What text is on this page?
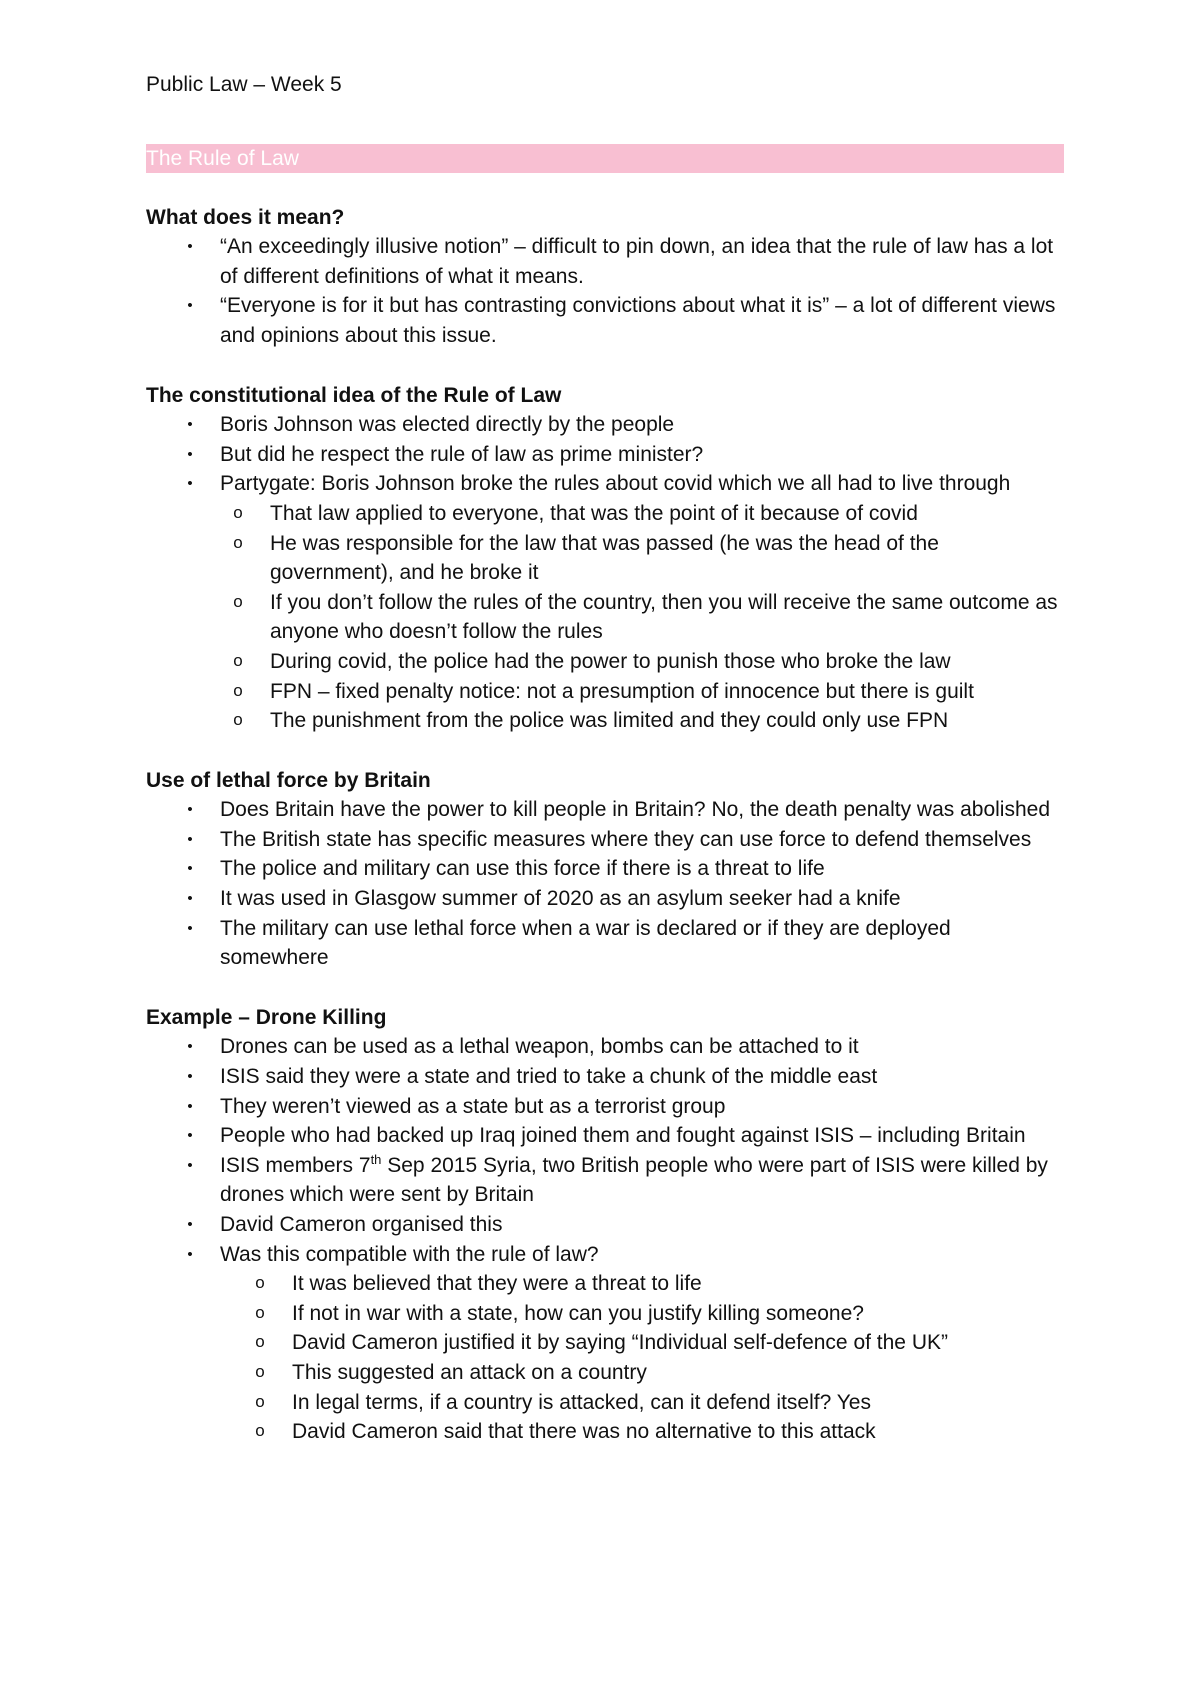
Public Law – Week 5

The Rule of Law

What does it mean?

•	“An exceedingly illusive notion” – difficult to pin down, an idea that the rule of law has a lot of different definitions of what it means.
•	“Everyone is for it but has contrasting convictions about what it is” – a lot of different views and opinions about this issue.

The constitutional idea of the Rule of Law

•	Boris Johnson was elected directly by the people
•	But did he respect the rule of law as prime minister?
•	Partygate: Boris Johnson broke the rules about covid which we all had to live through
o That law applied to everyone, that was the point of it because of covid
o He was responsible for the law that was passed (he was the head of the government), and he broke it
o If you don’t follow the rules of the country, then you will receive the same outcome as anyone who doesn’t follow the rules
o During covid, the police had the power to punish those who broke the law
o FPN – fixed penalty notice: not a presumption of innocence but there is guilt
o The punishment from the police was limited and they could only use FPN

Use of lethal force by Britain

•	Does Britain have the power to kill people in Britain? No, the death penalty was abolished
•	The British state has specific measures where they can use force to defend themselves
•	The police and military can use this force if there is a threat to life
•	It was used in Glasgow summer of 2020 as an asylum seeker had a knife
•	The military can use lethal force when a war is declared or if they are deployed somewhere

Example – Drone Killing

•	Drones can be used as a lethal weapon, bombs can be attached to it
•	ISIS said they were a state and tried to take a chunk of the middle east
•	They weren’t viewed as a state but as a terrorist group
•	People who had backed up Iraq joined them and fought against ISIS – including Britain
•	ISIS members 7th Sep 2015 Syria, two British people who were part of ISIS were killed by drones which were sent by Britain
•	David Cameron organised this
•	Was this compatible with the rule of law?
o It was believed that they were a threat to life
o If not in war with a state, how can you justify killing someone?
o David Cameron justified it by saying “Individual self-defence of the UK”
o This suggested an attack on a country
o In legal terms, if a country is attacked, can it defend itself? Yes
o David Cameron said that there was no alternative to this attack
